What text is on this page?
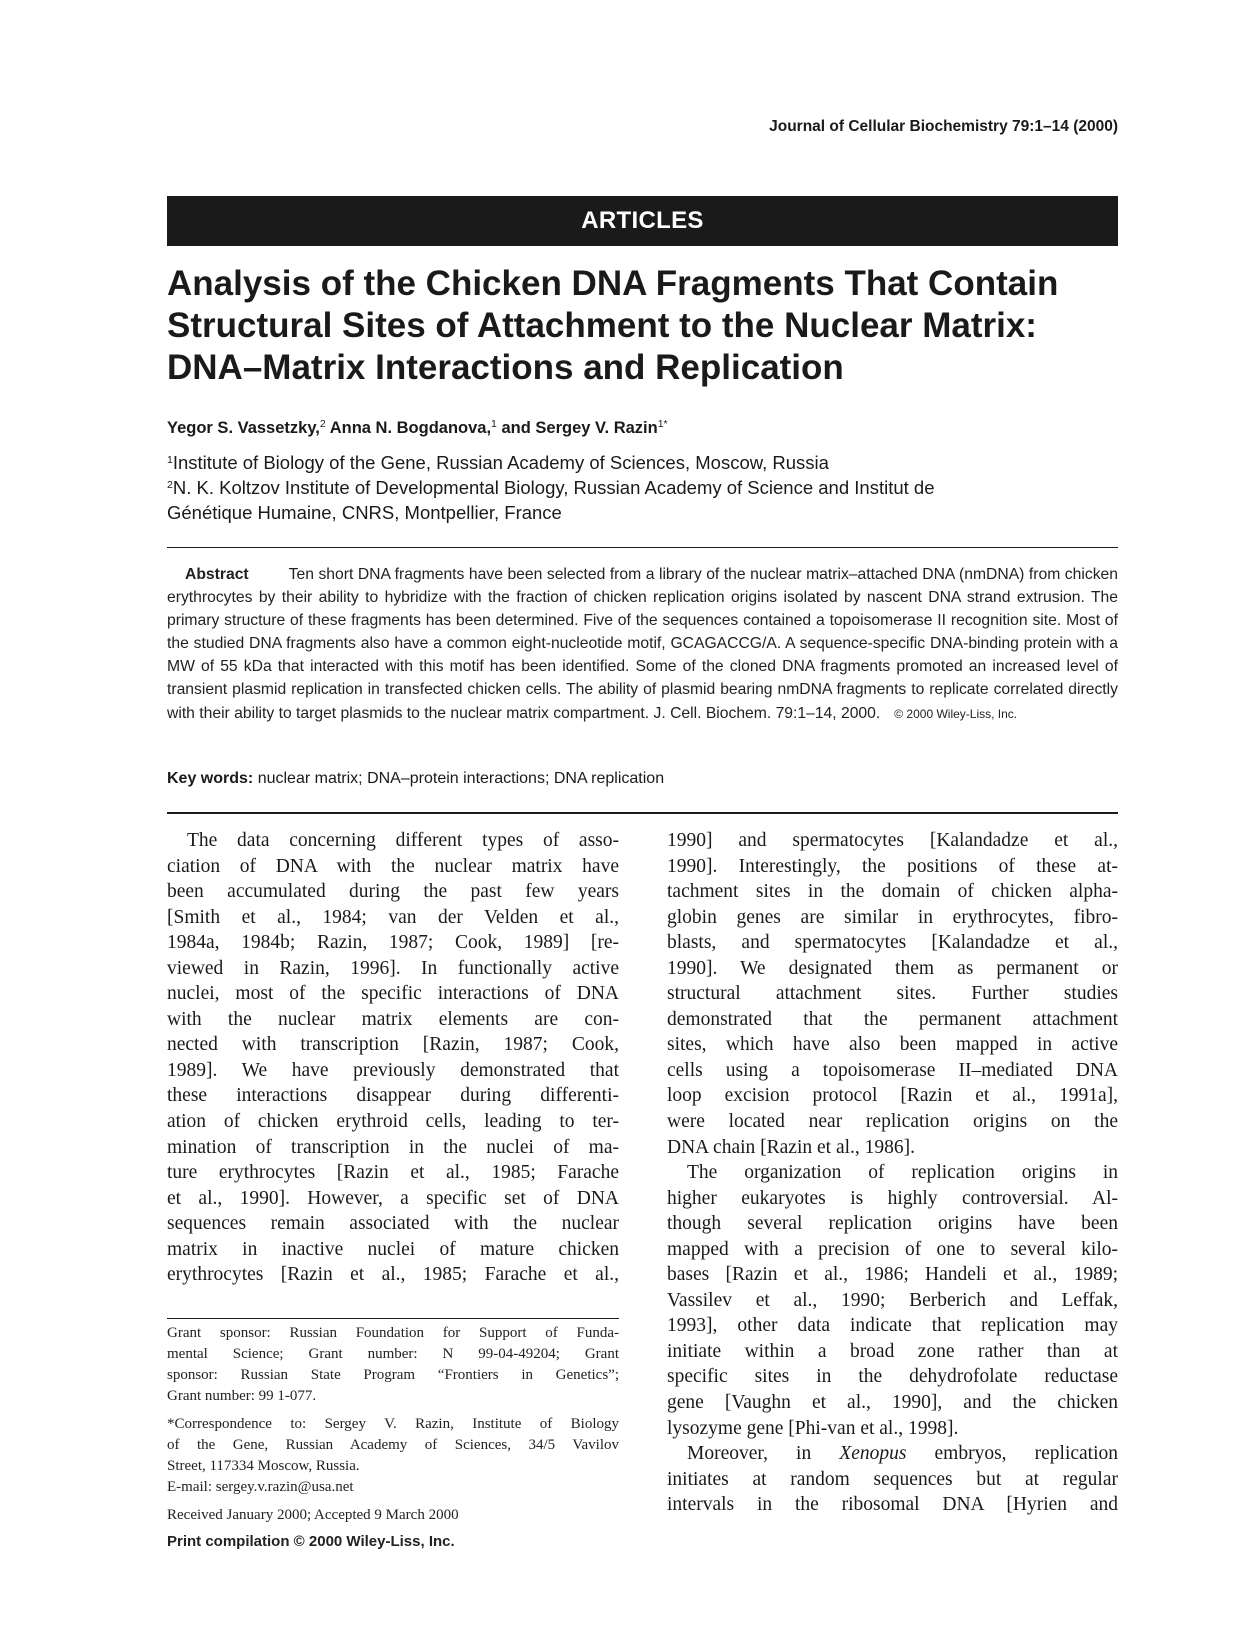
Journal of Cellular Biochemistry 79:1–14 (2000)
ARTICLES
Analysis of the Chicken DNA Fragments That Contain
Structural Sites of Attachment to the Nuclear Matrix:
DNA–Matrix Interactions and Replication
Yegor S. Vassetzky,$^2$ Anna N. Bogdanova,$^1$ and Sergey V. Razin$^{1*}$
$^1$Institute of Biology of the Gene, Russian Academy of Sciences, Moscow, Russia
$^2$N. K. Koltzov Institute of Developmental Biology, Russian Academy of Science and Institut de
Génétique Humaine, CNRS, Montpellier, France
Abstract	Ten short DNA fragments have been selected from a library of the nuclear matrix–attached DNA (nmDNA) from chicken erythrocytes by their ability to hybridize with the fraction of chicken replication origins isolated by nascent DNA strand extrusion. The primary structure of these fragments has been determined. Five of the sequences contained a topoisomerase II recognition site. Most of the studied DNA fragments also have a common eight-nucleotide motif, GCAGACCG/A. A sequence-specific DNA-binding protein with a MW of 55 kDa that interacted with this motif has been identified. Some of the cloned DNA fragments promoted an increased level of transient plasmid replication in transfected chicken cells. The ability of plasmid bearing nmDNA fragments to replicate correlated directly with their ability to target plasmids to the nuclear matrix compartment. J. Cell. Biochem. 79:1–14, 2000. © 2000 Wiley-Liss, Inc.
Key words: nuclear matrix; DNA–protein interactions; DNA replication
The data concerning different types of asso-
ciation of DNA with the nuclear matrix have
been accumulated during the past few years
[Smith et al., 1984; van der Velden et al.,
1984a, 1984b; Razin, 1987; Cook, 1989] [re-
viewed in Razin, 1996]. In functionally active
nuclei, most of the specific interactions of DNA
with the nuclear matrix elements are con-
nected with transcription [Razin, 1987; Cook,
1989]. We have previously demonstrated that
these interactions disappear during differenti-
ation of chicken erythroid cells, leading to ter-
mination of transcription in the nuclei of ma-
ture erythrocytes [Razin et al., 1985; Farache
et al., 1990]. However, a specific set of DNA
sequences remain associated with the nuclear
matrix in inactive nuclei of mature chicken
erythrocytes [Razin et al., 1985; Farache et al.,
Grant sponsor: Russian Foundation for Support of Funda-
mental Science; Grant number: N 99-04-49204; Grant
sponsor: Russian State Program “Frontiers in Genetics”;
Grant number: 99 1-077.
*Correspondence to: Sergey V. Razin, Institute of Biology
of the Gene, Russian Academy of Sciences, 34/5 Vavilov
Street, 117334 Moscow, Russia.
E-mail: sergey.v.razin@usa.net
Received January 2000; Accepted 9 March 2000
Print compilation © 2000 Wiley-Liss, Inc.
1990] and spermatocytes [Kalandadze et al.,
1990]. Interestingly, the positions of these at-
tachment sites in the domain of chicken alpha-
globin genes are similar in erythrocytes, fibro-
blasts, and spermatocytes [Kalandadze et al.,
1990]. We designated them as permanent or
structural attachment sites. Further studies
demonstrated that the permanent attachment
sites, which have also been mapped in active
cells using a topoisomerase II–mediated DNA
loop excision protocol [Razin et al., 1991a],
were located near replication origins on the
DNA chain [Razin et al., 1986].
The organization of replication origins in
higher eukaryotes is highly controversial. Al-
though several replication origins have been
mapped with a precision of one to several kilo-
bases [Razin et al., 1986; Handeli et al., 1989;
Vassilev et al., 1990; Berberich and Leffak,
1993], other data indicate that replication may
initiate within a broad zone rather than at
specific sites in the dehydrofolate reductase
gene [Vaughn et al., 1990], and the chicken
lysozyme gene [Phi-van et al., 1998].
Moreover, in Xenopus embryos, replication
initiates at random sequences but at regular
intervals in the ribosomal DNA [Hyrien and
